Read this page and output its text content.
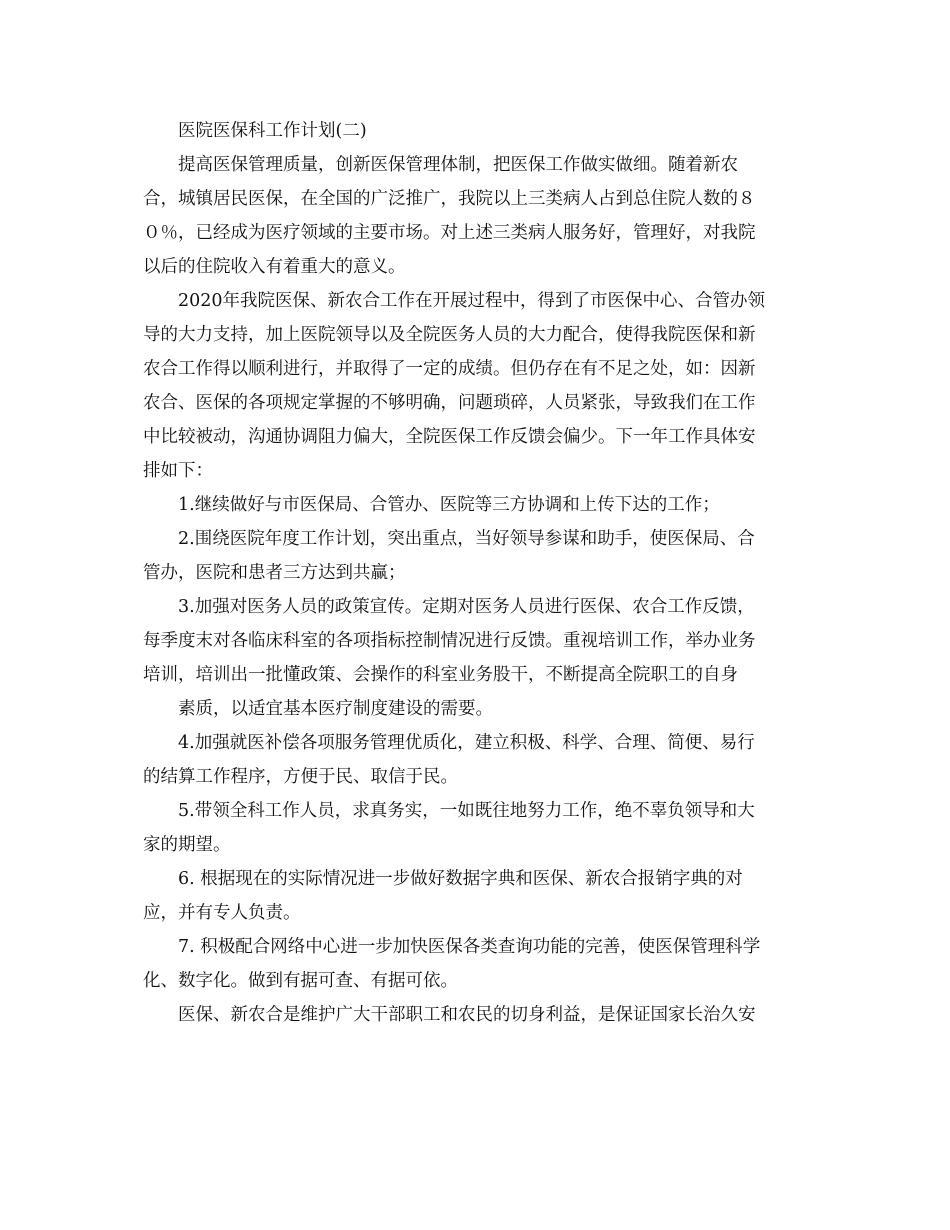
医院医保科工作计划(二)
提高医保管理质量，创新医保管理体制，把医保工作做实做细。随着新农
合，城镇居民医保，在全国的广泛推广，我院以上三类病人占到总住院人数的８
０％，已经成为医疗领域的主要市场。对上述三类病人服务好，管理好，对我院
以后的住院收入有着重大的意义。
2020年我院医保、新农合工作在开展过程中，得到了市医保中心、合管办领
导的大力支持，加上医院领导以及全院医务人员的大力配合，使得我院医保和新
农合工作得以顺利进行，并取得了一定的成绩。但仍存在有不足之处，如：因新
农合、医保的各项规定掌握的不够明确，问题琐碎，人员紧张，导致我们在工作
中比较被动，沟通协调阻力偏大，全院医保工作反馈会偏少。下一年工作具体安
排如下：
1.继续做好与市医保局、合管办、医院等三方协调和上传下达的工作；
2.围绕医院年度工作计划，突出重点，当好领导参谋和助手，使医保局、合
管办，医院和患者三方达到共赢；
3.加强对医务人员的政策宣传。定期对医务人员进行医保、农合工作反馈，
每季度末对各临床科室的各项指标控制情况进行反馈。重视培训工作，举办业务
培训，培训出一批懂政策、会操作的科室业务股干，不断提高全院职工的自身
素质，以适宜基本医疗制度建设的需要。
4.加强就医补偿各项服务管理优质化，建立积极、科学、合理、简便、易行
的结算工作程序，方便于民、取信于民。
5.带领全科工作人员，求真务实，一如既往地努力工作，绝不辜负领导和大
家的期望。
6. 根据现在的实际情况进一步做好数据字典和医保、新农合报销字典的对
应，并有专人负责。
7. 积极配合网络中心进一步加快医保各类查询功能的完善，使医保管理科学
化、数字化。做到有据可查、有据可依。
医保、新农合是维护广大干部职工和农民的切身利益，是保证国家长治久安
